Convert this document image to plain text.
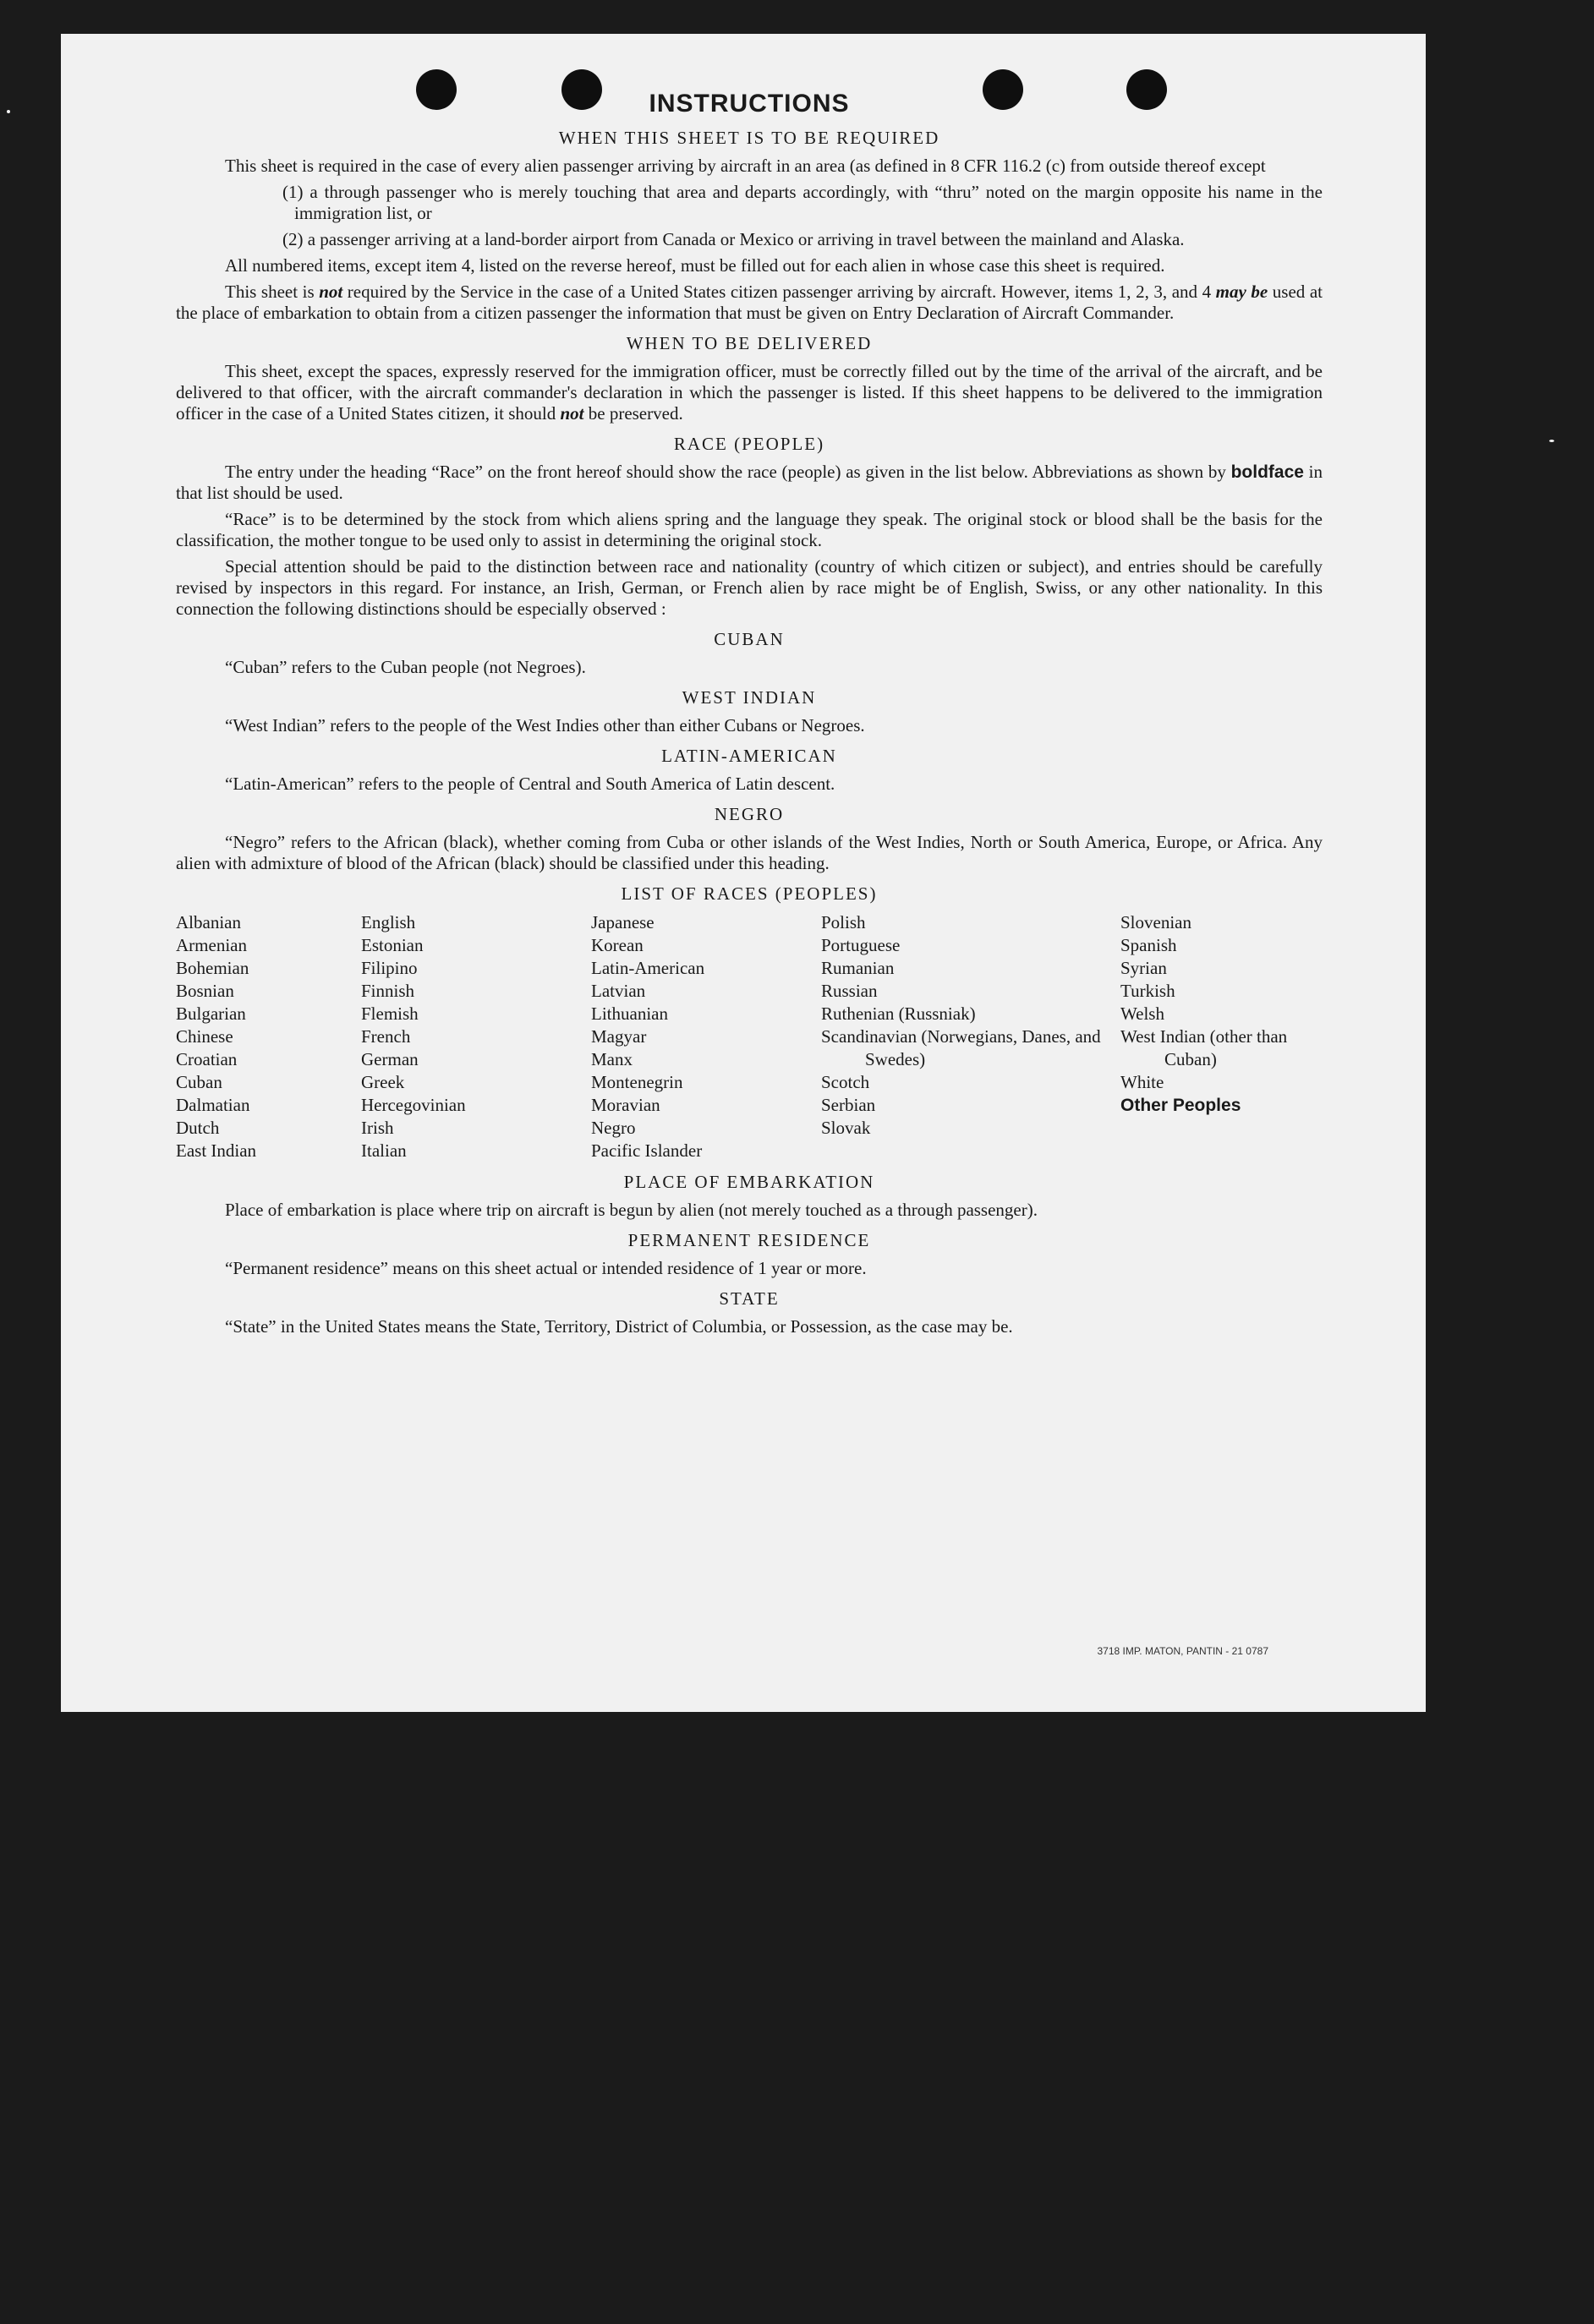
INSTRUCTIONS
WHEN THIS SHEET IS TO BE REQUIRED

This sheet is required in the case of every alien passenger arriving by aircraft in an area (as defined in 8 CFR 116.2 (c) from outside thereof except

(1) a through passenger who is merely touching that area and departs accordingly, with “thru” noted on the margin opposite his name in the immigration list, or

(2) a passenger arriving at a land-border airport from Canada or Mexico or arriving in travel between the mainland and Alaska.

All numbered items, except item 4, listed on the reverse hereof, must be filled out for each alien in whose case this sheet is required.

This sheet is not required by the Service in the case of a United States citizen passenger arriving by aircraft. However, items 1, 2, 3, and 4 may be used at the place of embarkation to obtain from a citizen passenger the information that must be given on Entry Declaration of Aircraft Commander.

WHEN TO BE DELIVERED

This sheet, except the spaces, expressly reserved for the immigration officer, must be correctly filled out by the time of the arrival of the aircraft, and be delivered to that officer, with the aircraft commander's declaration in which the passenger is listed. If this sheet happens to be delivered to the immigration officer in the case of a United States citizen, it should not be preserved.

RACE (PEOPLE)

The entry under the heading “Race” on the front hereof should show the race (people) as given in the list below. Abbreviations as shown by boldface in that list should be used.

“Race” is to be determined by the stock from which aliens spring and the language they speak. The original stock or blood shall be the basis for the classification, the mother tongue to be used only to assist in determining the original stock.

Special attention should be paid to the distinction between race and nationality (country of which citizen or subject), and entries should be carefully revised by inspectors in this regard. For instance, an Irish, German, or French alien by race might be of English, Swiss, or any other nationality. In this connection the following distinctions should be especially observed :

CUBAN

“Cuban” refers to the Cuban people (not Negroes).

WEST INDIAN

“West Indian” refers to the people of the West Indies other than either Cubans or Negroes.

LATIN-AMERICAN

“Latin-American” refers to the people of Central and South America of Latin descent.

NEGRO

“Negro” refers to the African (black), whether coming from Cuba or other islands of the West Indies, North or South America, Europe, or Africa. Any alien with admixture of blood of the African (black) should be classified under this heading.

LIST OF RACES (PEOPLES)
Albanian
Armenian
Bohemian
Bosnian
Bulgarian
Chinese
Croatian
Cuban
Dalmatian
Dutch
East Indian
English
Estonian
Filipino
Finnish
Flemish
French
German
Greek
Hercegovinian
Irish
Italian
Japanese
Korean
Latin-American
Latvian
Lithuanian
Magyar
Manx
Montenegrin
Moravian
Negro
Pacific Islander
Polish
Portuguese
Rumanian
Russian
Ruthenian (Russniak)
Scandinavian (Norwegians, Danes, and Swedes)
Scotch
Serbian
Slovak
Slovenian
Spanish
Syrian
Turkish
Welsh
West Indian (other than Cuban)
White
Other Peoples
PLACE OF EMBARKATION

Place of embarkation is place where trip on aircraft is begun by alien (not merely touched as a through passenger).

PERMANENT RESIDENCE

“Permanent residence” means on this sheet actual or intended residence of 1 year or more.

STATE

“State” in the United States means the State, Territory, District of Columbia, or Possession, as the case may be.

3718 IMP. MATON, PANTIN - 21 0787
